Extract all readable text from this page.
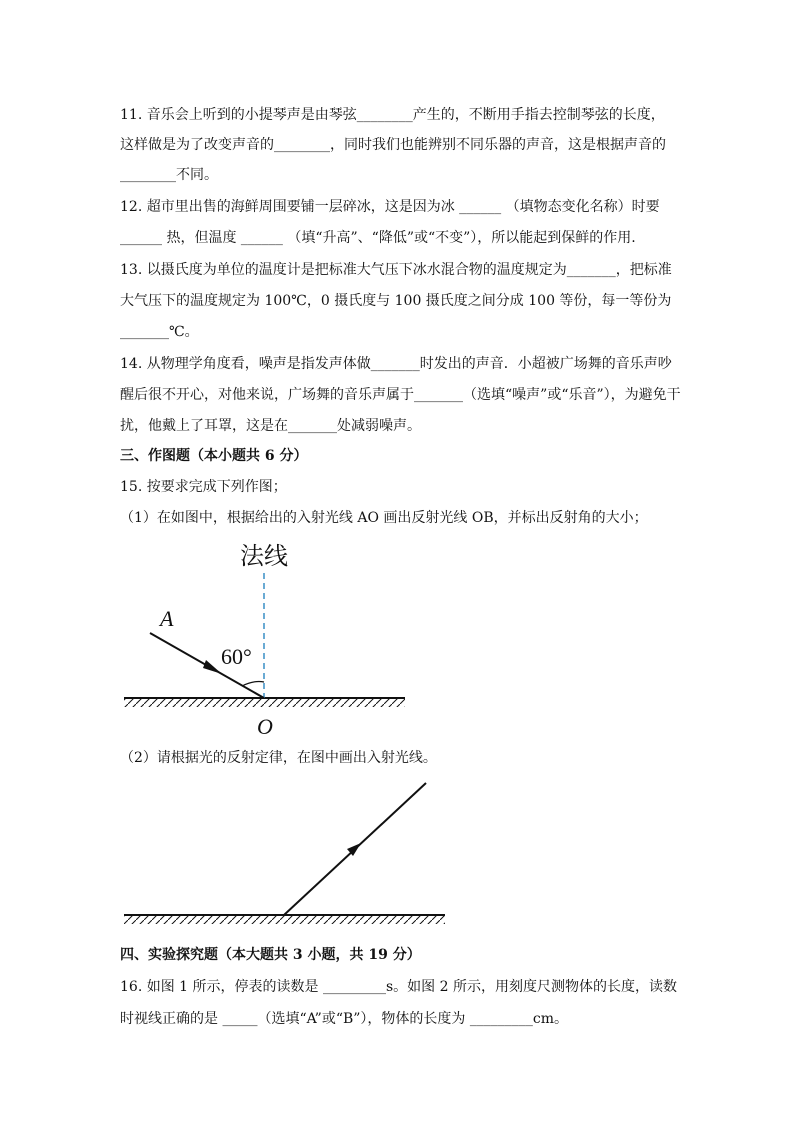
11. 音乐会上听到的小提琴声是由琴弦________产生的，不断用手指去控制琴弦的长度，
这样做是为了改变声音的________，同时我们也能辨别不同乐器的声音，这是根据声音的
________不同。
12. 超市里出售的海鲜周围要铺一层碎冰，这是因为冰 ______ （填物态变化名称）时要
______ 热，但温度 ______ （填“升高”、“降低”或“不变”），所以能起到保鲜的作用.
13. 以摄氏度为单位的温度计是把标准大气压下冰水混合物的温度规定为_______，把标准
大气压下的温度规定为 100℃，0 摄氏度与 100 摄氏度之间分成 100 等份，每一等份为
_______℃。
14. 从物理学角度看，噪声是指发声体做_______时发出的声音．小超被广场舞的音乐声吵
醒后很不开心，对他来说，广场舞的音乐声属于_______（选填“噪声”或“乐音”），为避免干
扰，他戴上了耳罩，这是在_______处减弱噪声。
三、作图题（本小题共 6 分）
15. 按要求完成下列作图；
（1）在如图中，根据给出的入射光线 AO 画出反射光线 OB，并标出反射角的大小；
法线
A
60°
O
（2）请根据光的反射定律，在图中画出入射光线。
四、实验探究题（本大题共 3 小题，共 19 分）
16. 如图 1 所示，停表的读数是 _________s。如图 2 所示，用刻度尺测物体的长度，读数
时视线正确的是 _____（选填“A”或“B”），物体的长度为 _________cm。
